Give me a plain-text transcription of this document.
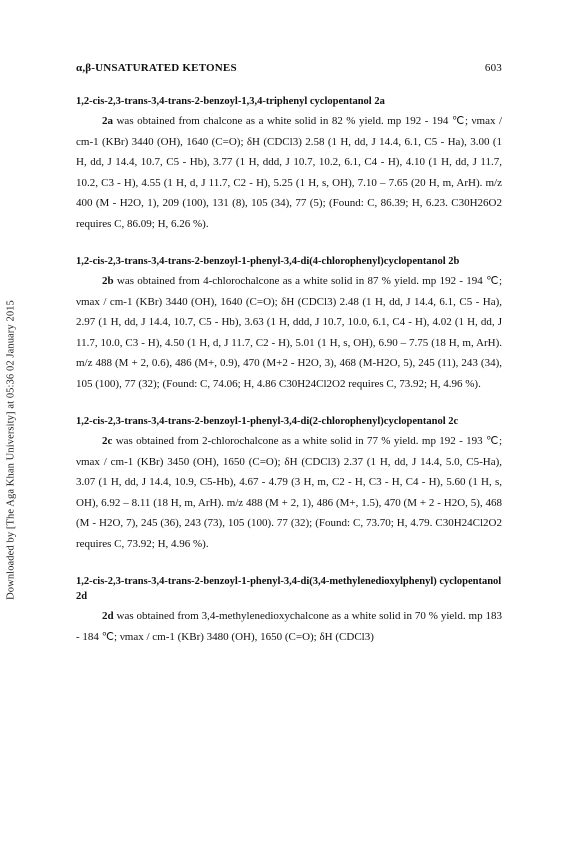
Downloaded by [The Aga Khan University] at 05:36 02 January 2015
α,β-UNSATURATED KETONES	603

1,2-cis-2,3-trans-3,4-trans-2-benzoyl-1,3,4-triphenyl cyclopentanol 2a

2a was obtained from chalcone as a white solid in 82 % yield. mp 192 - 194 ℃; νmax / cm-1 (KBr) 3440 (OH), 1640 (C=O); δH (CDCl3) 2.58 (1 H, dd, J 14.4, 6.1, C5 - Ha), 3.00 (1 H, dd, J 14.4, 10.7, C5 - Hb), 3.77 (1 H, ddd, J 10.7, 10.2, 6.1, C4 - H), 4.10 (1 H, dd, J 11.7, 10.2, C3 - H), 4.55 (1 H, d, J 11.7, C2 - H), 5.25 (1 H, s, OH), 7.10 – 7.65 (20 H, m, ArH). m/z 400 (M - H2O, 1), 209 (100), 131 (8), 105 (34), 77 (5); (Found: C, 86.39; H, 6.23. C30H26O2 requires C, 86.09; H, 6.26 %).

1,2-cis-2,3-trans-3,4-trans-2-benzoyl-1-phenyl-3,4-di(4-chlorophenyl)cyclopentanol 2b

2b was obtained from 4-chlorochalcone as a white solid in 87 % yield. mp 192 - 194 ℃; νmax / cm-1 (KBr) 3440 (OH), 1640 (C=O); δH (CDCl3) 2.48 (1 H, dd, J 14.4, 6.1, C5 - Ha), 2.97 (1 H, dd, J 14.4, 10.7, C5 - Hb), 3.63 (1 H, ddd, J 10.7, 10.0, 6.1, C4 - H), 4.02 (1 H, dd, J 11.7, 10.0, C3 - H), 4.50 (1 H, d, J 11.7, C2 - H), 5.01 (1 H, s, OH), 6.90 – 7.75 (18 H, m, ArH). m/z 488 (M + 2, 0.6), 486 (M+, 0.9), 470 (M+2 - H2O, 3), 468 (M-H2O, 5), 245 (11), 243 (34), 105 (100), 77 (32); (Found: C, 74.06; H, 4.86 C30H24Cl2O2 requires C, 73.92; H, 4.96 %).

1,2-cis-2,3-trans-3,4-trans-2-benzoyl-1-phenyl-3,4-di(2-chlorophenyl)cyclopentanol 2c

2c was obtained from 2-chlorochalcone as a white solid in 77 % yield. mp 192 - 193 ℃; νmax / cm-1 (KBr) 3450 (OH), 1650 (C=O); δH (CDCl3) 2.37 (1 H, dd, J 14.4, 5.0, C5-Ha), 3.07 (1 H, dd, J 14.4, 10.9, C5-Hb), 4.67 - 4.79 (3 H, m, C2 - H, C3 - H, C4 - H), 5.60 (1 H, s, OH), 6.92 – 8.11 (18 H, m, ArH). m/z 488 (M + 2, 1), 486 (M+, 1.5), 470 (M + 2 - H2O, 5), 468 (M - H2O, 7), 245 (36), 243 (73), 105 (100). 77 (32); (Found: C, 73.70; H, 4.79. C30H24Cl2O2 requires C, 73.92; H, 4.96 %).

1,2-cis-2,3-trans-3,4-trans-2-benzoyl-1-phenyl-3,4-di(3,4-methylenedioxylphenyl) cyclopentanol 2d

2d was obtained from 3,4-methylenedioxychalcone as a white solid in 70 % yield. mp 183 - 184 ℃; νmax / cm-1 (KBr) 3480 (OH), 1650 (C=O); δH (CDCl3)
